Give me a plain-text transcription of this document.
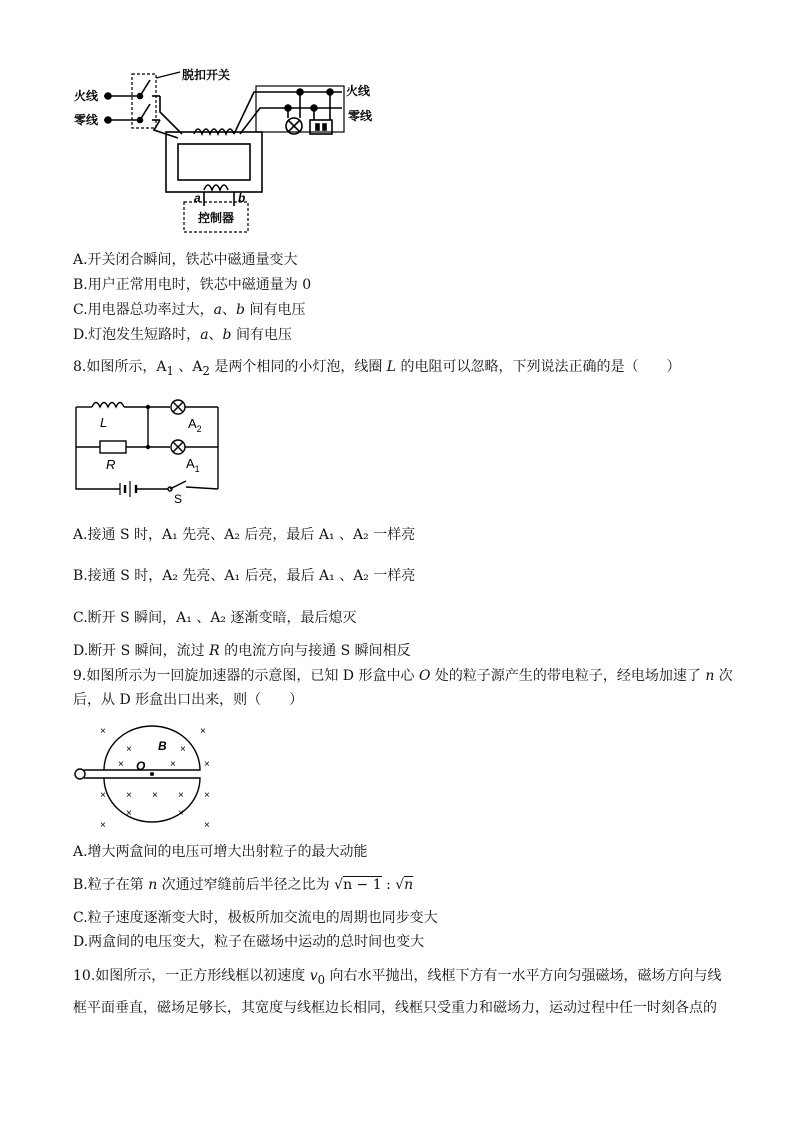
脱扣开关
火线
零线
火线
零线
a	b
控制器
A.开关闭合瞬间，铁芯中磁通量变大
B.用户正常用电时，铁芯中磁通量为 0
C.用电器总功率过大，a、b 间有电压
D.灯泡发生短路时，a、b 间有电压
8.如图所示，$A_1$ 、$A_2$ 是两个相同的小灯泡，线圈 L 的电阻可以忽略，下列说法正确的是（　　）
L
R
$A_2$
$A_1$
S
A.接通 S 时，A₁ 先亮、A₂ 后亮，最后 A₁ 、A₂ 一样亮
B.接通 S 时，A₂ 先亮、A₁ 后亮，最后 A₁ 、A₂ 一样亮
C.断开 S 瞬间，A₁ 、A₂ 逐渐变暗，最后熄灭
D.断开 S 瞬间，流过 R 的电流方向与接通 S 瞬间相反
9.如图所示为一回旋加速器的示意图，已知 D 形盒中心 O 处的粒子源产生的带电粒子，经电场加速了 n 次
后，从 D 形盒出口出来，则（　　）
B
O
×	×
×	×
×	×	×
× × × × ×
×	×
×	×
A.增大两盒间的电压可增大出射粒子的最大动能
B.粒子在第 n 次通过窄缝前后半径之比为 √n − 1 : √n
C.粒子速度逐渐变大时，极板所加交流电的周期也同步变大
D.两盒间的电压变大，粒子在磁场中运动的总时间也变大
10.如图所示，一正方形线框以初速度 $v_0$ 向右水平抛出，线框下方有一水平方向匀强磁场，磁场方向与线
框平面垂直，磁场足够长，其宽度与线框边长相同，线框只受重力和磁场力，运动过程中任一时刻各点的
